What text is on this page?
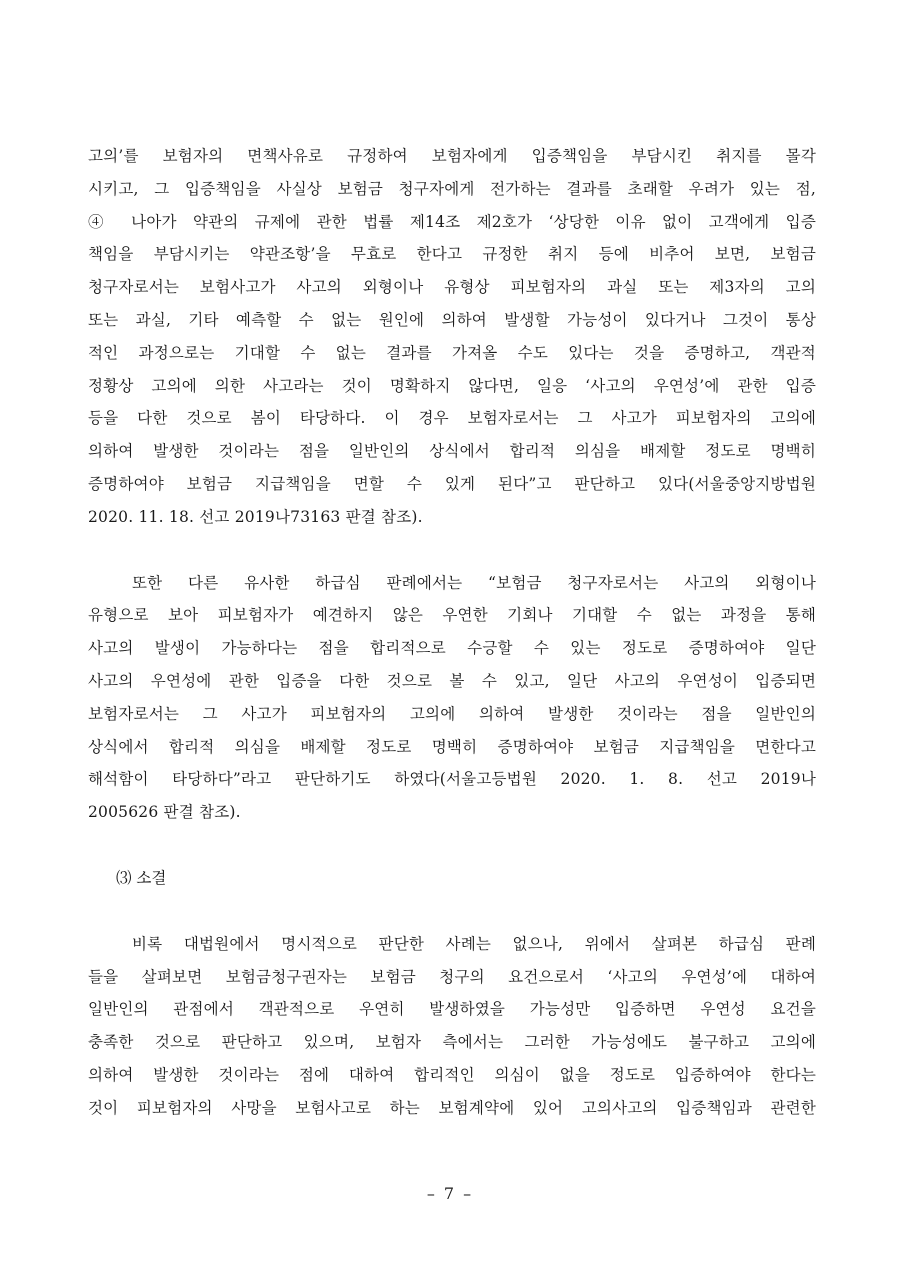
고의’를 보험자의 면책사유로 규정하여 보험자에게 입증책임을 부담시킨 취지를 몰각
시키고, 그 입증책임을 사실상 보험금 청구자에게 전가하는 결과를 초래할 우려가 있는 점,
④ 나아가 약관의 규제에 관한 법률 제14조 제2호가 ‘상당한 이유 없이 고객에게 입증
책임을 부담시키는 약관조항’을 무효로 한다고 규정한 취지 등에 비추어 보면, 보험금
청구자로서는 보험사고가 사고의 외형이나 유형상 피보험자의 과실 또는 제3자의 고의
또는 과실, 기타 예측할 수 없는 원인에 의하여 발생할 가능성이 있다거나 그것이 통상
적인 과정으로는 기대할 수 없는 결과를 가져올 수도 있다는 것을 증명하고, 객관적
정황상 고의에 의한 사고라는 것이 명확하지 않다면, 일응 ‘사고의 우연성’에 관한 입증
등을 다한 것으로 봄이 타당하다. 이 경우 보험자로서는 그 사고가 피보험자의 고의에
의하여 발생한 것이라는 점을 일반인의 상식에서 합리적 의심을 배제할 정도로 명백히
증명하여야 보험금 지급책임을 면할 수 있게 된다”고 판단하고 있다(서울중앙지방법원
2020. 11. 18. 선고 2019나73163 판결 참조).
또한 다른 유사한 하급심 판례에서는 “보험금 청구자로서는 사고의 외형이나
유형으로 보아 피보험자가 예견하지 않은 우연한 기회나 기대할 수 없는 과정을 통해
사고의 발생이 가능하다는 점을 합리적으로 수긍할 수 있는 정도로 증명하여야 일단
사고의 우연성에 관한 입증을 다한 것으로 볼 수 있고, 일단 사고의 우연성이 입증되면
보험자로서는 그 사고가 피보험자의 고의에 의하여 발생한 것이라는 점을 일반인의
상식에서 합리적 의심을 배제할 정도로 명백히 증명하여야 보험금 지급책임을 면한다고
해석함이 타당하다”라고 판단하기도 하였다(서울고등법원 2020. 1. 8. 선고 2019나
2005626 판결 참조).

⑶ 소결

비록 대법원에서 명시적으로 판단한 사례는 없으나, 위에서 살펴본 하급심 판례
들을 살펴보면 보험금청구권자는 보험금 청구의 요건으로서 ‘사고의 우연성’에 대하여
일반인의 관점에서 객관적으로 우연히 발생하였을 가능성만 입증하면 우연성 요건을
충족한 것으로 판단하고 있으며, 보험자 측에서는 그러한 가능성에도 불구하고 고의에
의하여 발생한 것이라는 점에 대하여 합리적인 의심이 없을 정도로 입증하여야 한다는
것이 피보험자의 사망을 보험사고로 하는 보험계약에 있어 고의사고의 입증책임과 관련한
– 7 –
